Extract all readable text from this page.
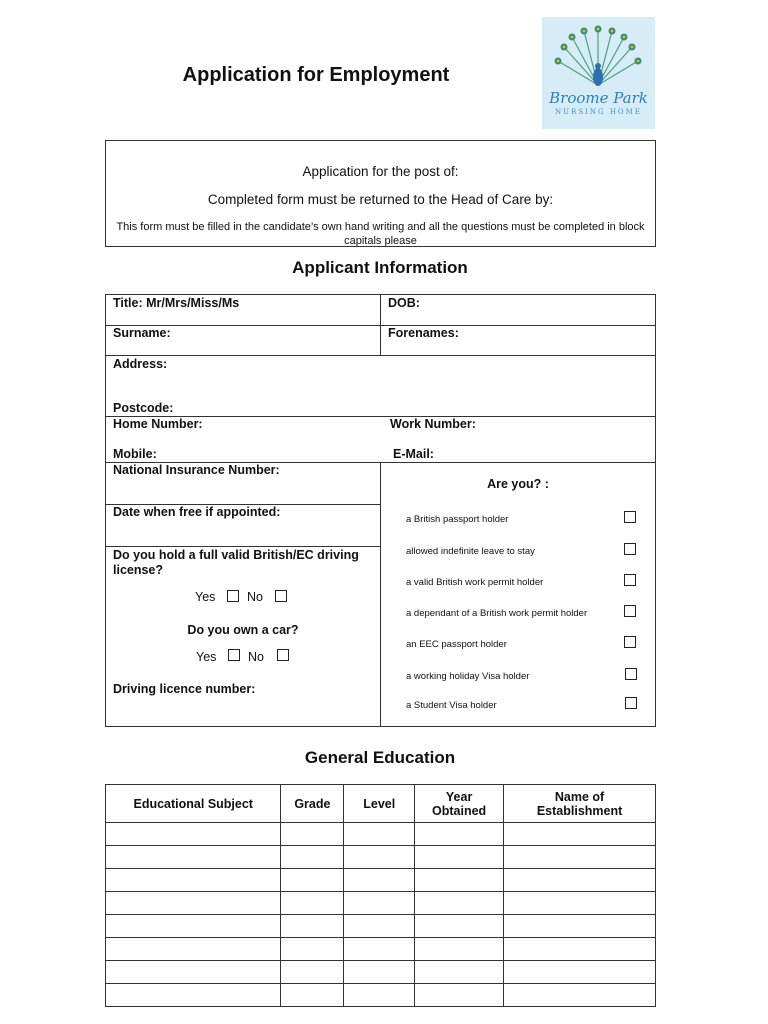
Application for Employment
Broome Park
NURSING HOME
Application for the post of:
Completed form must be returned to the Head of Care by:
This form must be filled in the candidate’s own hand writing and all the questions must be completed in block capitals please
Applicant Information
Title: Mr/Mrs/Miss/Ms	DOB:
Surname:	Forenames:
Address:
Postcode:
Home Number:	Work Number:
Mobile:	E-Mail:
National Insurance Number:
Date when free if appointed:
Do you hold a full valid British/EC driving license?
Yes	No
Do you own a car?
Yes	No
Driving licence number:
Are you? :
a British passport holder
allowed indefinite leave to stay
a valid British work permit holder
a dependant of a British work permit holder
an EEC passport holder
a working holiday Visa holder
a Student Visa holder
General Education
Educational Subject	Grade	Level	Year Obtained	Name of Establishment
